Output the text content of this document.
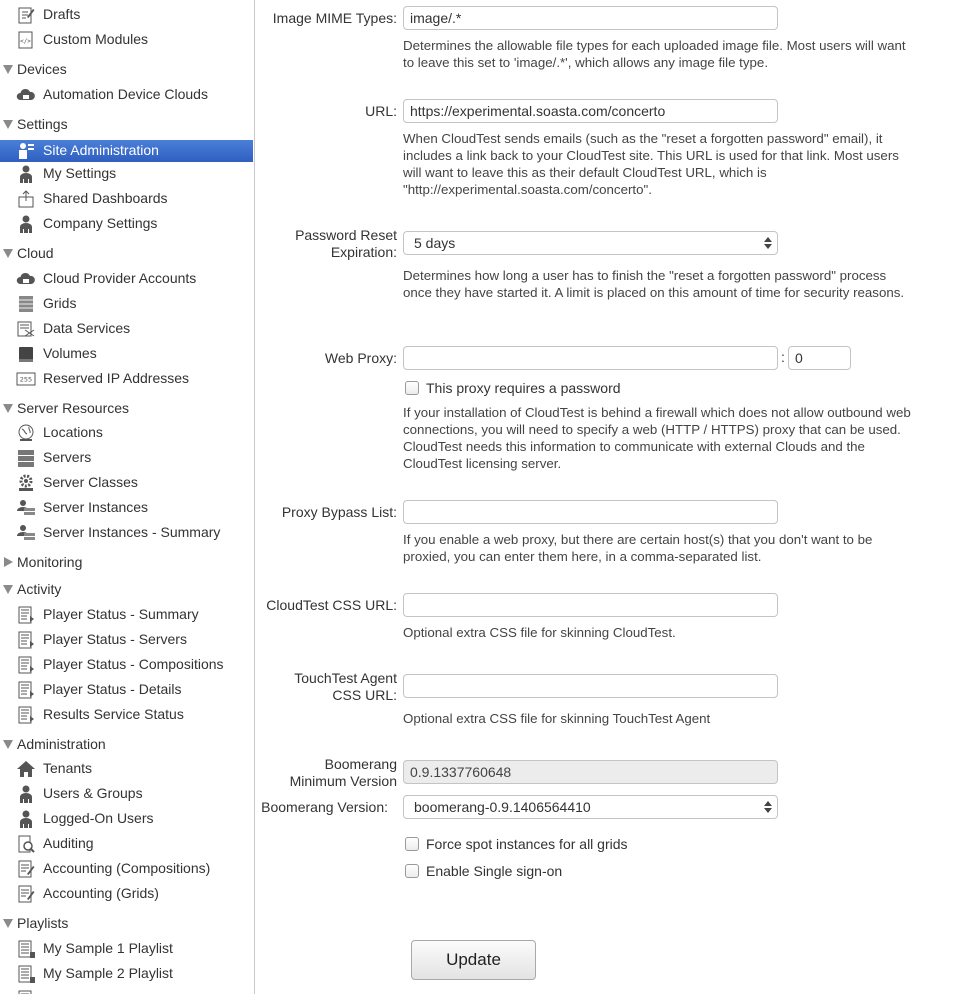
Drafts
</> Custom Modules
Devices
Automation Device Clouds
Settings
Site Administration
My Settings
Shared Dashboards
Company Settings
Cloud
Cloud Provider Accounts
Grids
Data Services
Volumes
255 Reserved IP Addresses
Server Resources
Locations
Servers
Server Classes
Server Instances
Server Instances - Summary
Monitoring
Activity
Player Status - Summary
Player Status - Servers
Player Status - Compositions
Player Status - Details
Results Service Status
Administration
Tenants
Users & Groups
Logged-On Users
Auditing
Accounting (Compositions)
Accounting (Grids)
Playlists
My Sample 1 Playlist
My Sample 2 Playlist
Image MIME Types:
image/.*
Determines the allowable file types for each uploaded image file. Most users will want to leave this set to 'image/.*', which allows any image file type.
URL:
https://experimental.soasta.com/concerto
When CloudTest sends emails (such as the "reset a forgotten password" email), it includes a link back to your CloudTest site. This URL is used for that link. Most users will want to leave this as their default CloudTest URL, which is "http://experimental.soasta.com/concerto".
Password Reset Expiration:
5 days
Determines how long a user has to finish the "reset a forgotten password" process once they have started it. A limit is placed on this amount of time for security reasons.
Web Proxy:	:
0
This proxy requires a password
If your installation of CloudTest is behind a firewall which does not allow outbound web connections, you will need to specify a web (HTTP / HTTPS) proxy that can be used. CloudTest needs this information to communicate with external Clouds and the CloudTest licensing server.
Proxy Bypass List:
If you enable a web proxy, but there are certain host(s) that you don't want to be proxied, you can enter them here, in a comma-separated list.
CloudTest CSS URL:
Optional extra CSS file for skinning CloudTest.
TouchTest Agent CSS URL:
Optional extra CSS file for skinning TouchTest Agent
Boomerang Minimum Version
0.9.1337760648
Boomerang Version:	boomerang-0.9.1406564410
Force spot instances for all grids
Enable Single sign-on
Update
